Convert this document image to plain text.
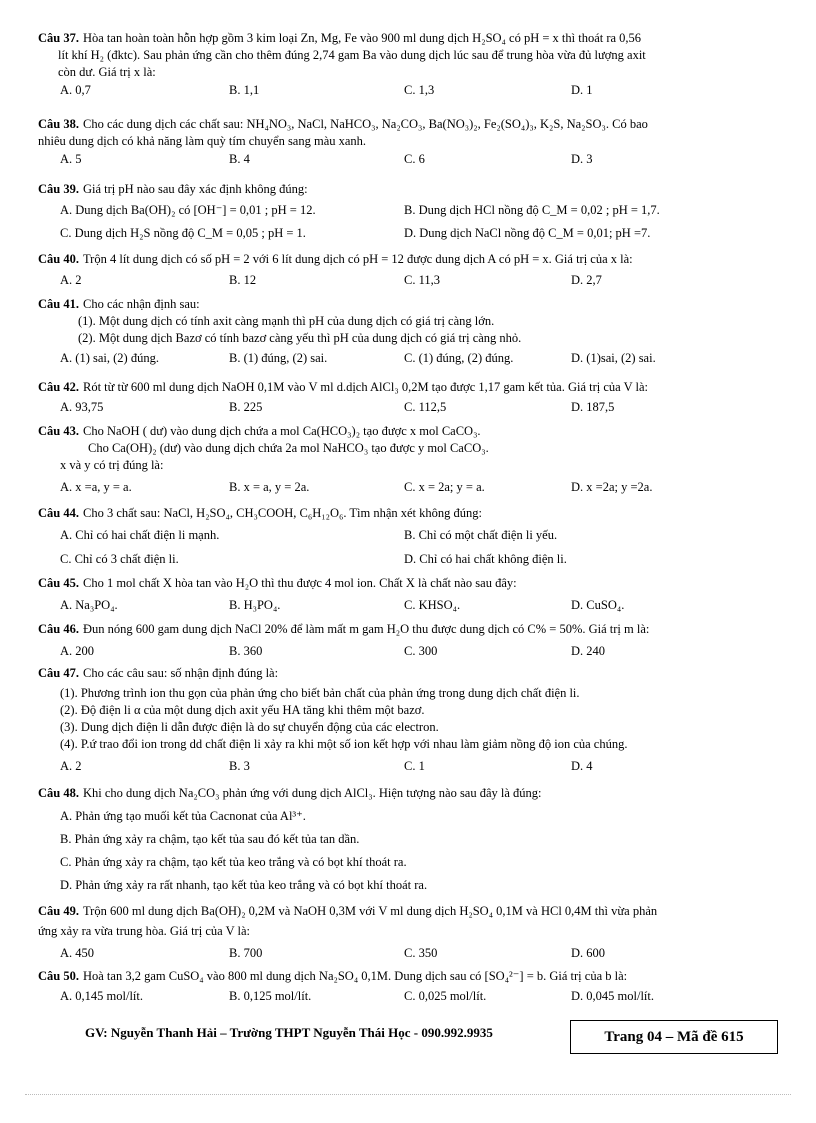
Câu 37. Hòa tan hoàn toàn hỗn hợp gồm 3 kim loại Zn, Mg, Fe vào 900 ml dung dịch H₂SO₄ có pH = x thì thoát ra 0,56
lít khí H₂ (đktc). Sau phản ứng cần cho thêm đúng 2,74 gam Ba vào dung dịch lúc sau để trung hòa vừa đủ lượng axit
còn dư. Giá trị x là:
A. 0,7	B. 1,1	C. 1,3	D. 1
Câu 38. Cho các dung dịch các chất sau: NH₄NO₃, NaCl, NaHCO₃, Na₂CO₃, Ba(NO₃)₂, Fe₂(SO₄)₃, K₂S, Na₂SO₃. Có bao
nhiêu dung dịch có khả năng làm quỳ tím chuyển sang màu xanh.
A. 5	B. 4	C. 6	D. 3
Câu 39. Giá trị pH nào sau đây xác định không đúng:
A. Dung dịch Ba(OH)₂ có [OH⁻] = 0,01 ; pH = 12.	B. Dung dịch HCl nồng độ C_M = 0,02 ; pH = 1,7.
C. Dung dịch H₂S nồng độ C_M = 0,05 ; pH = 1.	D. Dung dịch NaCl nồng độ C_M = 0,01; pH =7.
Câu 40. Trộn 4 lít dung dịch có số pH = 2 với 6 lít dung dịch có pH = 12 được dung dịch A có pH = x. Giá trị của x là:
A. 2	B. 12	C. 11,3	D. 2,7
Câu 41. Cho các nhận định sau:
(1). Một dung dịch có tính axit càng mạnh thì pH của dung dịch có giá trị càng lớn.
(2). Một dung dịch Bazơ có tính bazơ càng yếu thì pH của dung dịch có giá trị càng nhỏ.
A. (1) sai, (2) đúng.	B. (1) đúng, (2) sai.	C. (1) đúng, (2) đúng.	D. (1)sai, (2) sai.
Câu 42. Rót từ từ 600 ml dung dịch NaOH 0,1M vào V ml d.dịch AlCl₃ 0,2M tạo được 1,17 gam kết tủa. Giá trị của V là:
A. 93,75	B. 225	C. 112,5	D. 187,5
Câu 43. Cho NaOH ( dư) vào dung dịch chứa a mol Ca(HCO₃)₂ tạo được x mol CaCO₃.
Cho Ca(OH)₂ (dư) vào dung dịch chứa 2a mol NaHCO₃ tạo được y mol CaCO₃.
x và y có trị đúng là:
A. x =a, y = a.	B. x = a, y = 2a.	C. x = 2a; y = a.	D. x =2a; y =2a.
Câu 44. Cho 3 chất sau: NaCl, H₂SO₄, CH₃COOH, C₆H₁₂O₆. Tìm nhận xét không đúng:
A. Chỉ có hai chất điện li mạnh.	B. Chỉ có một chất điện li yếu.
C. Chỉ có 3 chất điện li.	D. Chỉ có hai chất không điện li.
Câu 45. Cho 1 mol chất X hòa tan vào H₂O thì thu được 4 mol ion. Chất X là chất nào sau đây:
A. Na₃PO₄.	B. H₃PO₄.	C. KHSO₄.	D. CuSO₄.
Câu 46. Đun nóng 600 gam dung dịch NaCl 20% để làm mất m gam H₂O thu được dung dịch có C% = 50%. Giá trị m là:
A. 200	B. 360	C. 300	D. 240
Câu 47. Cho các câu sau: số nhận định đúng là:
(1). Phương trình ion thu gọn của phản ứng cho biết bản chất của phản ứng trong dung dịch chất điện li.
(2). Độ điện li α của một dung dịch axit yếu HA tăng khi thêm một bazơ.
(3). Dung dịch điện li dẫn được điện là do sự chuyển động của các electron.
(4). P.ứ trao đổi ion trong dd chất điện li xảy ra khi một số ion kết hợp với nhau làm giảm nồng độ ion của chúng.
A. 2	B. 3	C. 1	D. 4
Câu 48. Khi cho dung dịch Na₂CO₃ phản ứng với dung dịch AlCl₃. Hiện tượng nào sau đây là đúng:
A. Phản ứng tạo muối kết tủa Cacnonat của Al³⁺.
B. Phản ứng xảy ra chậm, tạo kết tủa sau đó kết tủa tan dần.
C. Phản ứng xảy ra chậm, tạo kết tủa keo trắng và có bọt khí thoát ra.
D. Phản ứng xảy ra rất nhanh, tạo kết tủa keo trắng và có bọt khí thoát ra.
Câu 49. Trộn 600 ml dung dịch Ba(OH)₂ 0,2M và NaOH 0,3M với V ml dung dịch H₂SO₄ 0,1M và HCl 0,4M thì vừa phản
ứng xảy ra vừa trung hòa. Giá trị của V là:
A. 450	B. 700	C. 350	D. 600
Câu 50. Hoà tan 3,2 gam CuSO₄ vào 800 ml dung dịch Na₂SO₄ 0,1M. Dung dịch sau có [SO₄²⁻] = b. Giá trị của b là:
A. 0,145 mol/lít.	B. 0,125 mol/lít.	C. 0,025 mol/lít.	D. 0,045 mol/lít.
GV: Nguyễn Thanh Hải – Trường THPT Nguyễn Thái Học - 090.992.9935	Trang 04 – Mã đề 615
